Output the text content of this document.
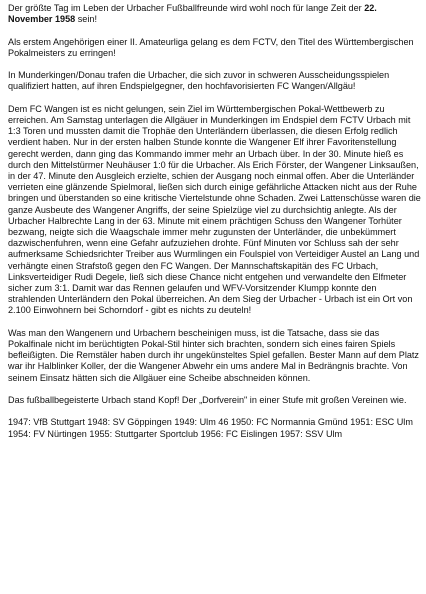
Der größte Tag im Leben der Urbacher Fußballfreunde wird wohl noch für lange Zeit der 22. November 1958 sein!

Als erstem Angehörigen einer II. Amateurliga gelang es dem FCTV, den Titel des Württembergischen Pokalmeisters zu erringen!

In Munderkingen/Donau trafen die Urbacher, die sich zuvor in schweren Ausscheidungsspielen qualifiziert hatten, auf ihren Endspielgegner, den hochfavorisierten FC Wangen/Allgäu!

Dem FC Wangen ist es nicht gelungen, sein Ziel im Württembergischen Pokal-Wettbewerb zu erreichen. Am Samstag unterlagen die Allgäuer in Munderkingen im Endspiel dem FCTV Urbach mit 1:3 Toren und mussten damit die Trophäe den Unterländern überlassen, die diesen Erfolg redlich verdient haben. Nur in der ersten halben Stunde konnte die Wangener Elf ihrer Favoritenstellung gerecht werden, dann ging das Kommando immer mehr an Urbach über. In der 30. Minute hieß es durch den Mittelstürmer Neuhäuser 1:0 für die Urbacher. Als Erich Förster, der Wangener Linksaußen, in der 47. Minute den Ausgleich erzielte, schien der Ausgang noch einmal offen. Aber die Unterländer verrieten eine glänzende Spielmoral, ließen sich durch einige gefährliche Attacken nicht aus der Ruhe bringen und überstanden so eine kritische Viertelstunde ohne Schaden. Zwei Lattenschüsse waren die ganze Ausbeute des Wangener Angriffs, der seine Spielzüge viel zu durchsichtig anlegte. Als der Urbacher Halbrechte Lang in der 63. Minute mit einem prächtigen Schuss den Wangener Torhüter bezwang, neigte sich die Waagschale immer mehr zugunsten der Unterländer, die unbekümmert dazwischenfuhren, wenn eine Gefahr aufzuziehen drohte. Fünf Minuten vor Schluss sah der sehr aufmerksame Schiedsrichter Treiber aus Wurmlingen ein Foulspiel von Verteidiger Austel an Lang und verhängte einen Strafstoß gegen den FC Wangen. Der Mannschaftskapitän des FC Urbach, Linksverteidiger Rudi Degele, ließ sich diese Chance nicht entgehen und verwandelte den Elfmeter sicher zum 3:1. Damit war das Rennen gelaufen und WFV-Vorsitzender Klumpp konnte den strahlenden Unterländern den Pokal überreichen. An dem Sieg der Urbacher - Urbach ist ein Ort von 2.100 Einwohnern bei Schorndorf - gibt es nichts zu deuteln!

Was man den Wangenern und Urbachern bescheinigen muss, ist die Tatsache, dass sie das Pokalfinale nicht im berüchtigten Pokal-Stil hinter sich brachten, sondern sich eines fairen Spiels befleißigten. Die Remstäler haben durch ihr ungekünsteltes Spiel gefallen. Bester Mann auf dem Platz war ihr Halblinker Koller, der die Wangener Abwehr ein ums andere Mal in Bedrängnis brachte. Von seinem Einsatz hätten sich die Allgäuer eine Scheibe abschneiden können.

Das fußballbegeisterte Urbach stand Kopf! Der „Dorfverein" in einer Stufe mit großen Vereinen wie.

1947: VfB Stuttgart 1948: SV Göppingen 1949: Ulm 46 1950: FC Normannia Gmünd 1951: ESC Ulm 1954: FV Nürtingen 1955: Stuttgarter Sportclub 1956: FC Eislingen 1957: SSV Ulm
